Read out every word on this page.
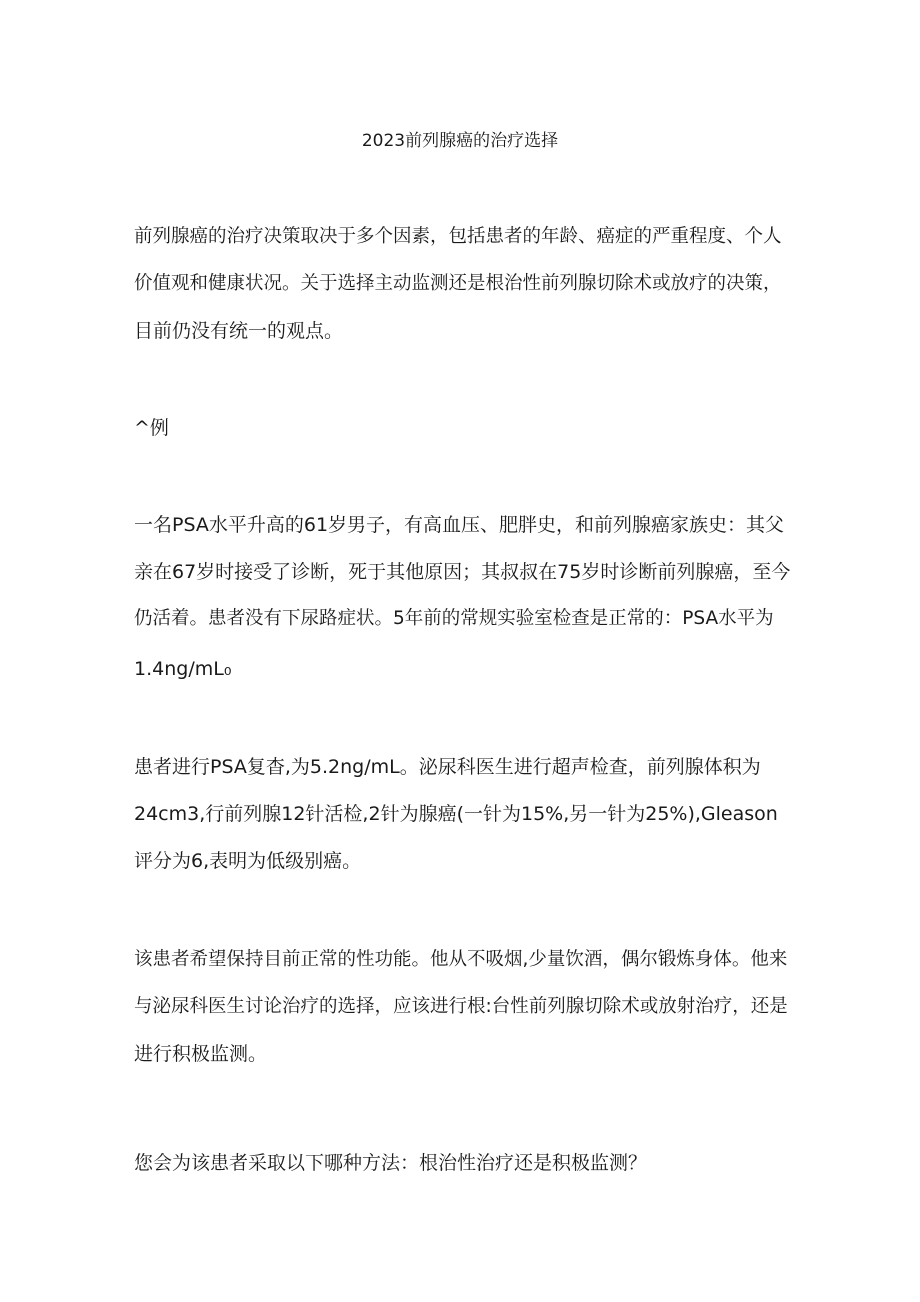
2023前列腺癌的治疗选择
前列腺癌的治疗决策取决于多个因素，包括患者的年龄、癌症的严重程度、个人
价值观和健康状况。关于选择主动监测还是根治性前列腺切除术或放疗的决策，
目前仍没有统一的观点。
^例
一名PSA水平升高的61岁男子，有高血压、肥胖史，和前列腺癌家族史：其父
亲在67岁时接受了诊断，死于其他原因；其叔叔在75岁时诊断前列腺癌，至今
仍活着。患者没有下尿路症状。5年前的常规实验室检查是正常的：PSA水平为
1.4ng/mL₀
患者进行PSA复杳,为5.2ng/mL。泌尿科医生进行超声检查，前列腺体积为
24cm3,行前列腺12针活检,2针为腺癌(一针为15%,另一针为25%),Gleason
评分为6,表明为低级别癌。
该患者希望保持目前正常的性功能。他从不吸烟,少量饮酒，偶尔锻炼身体。他来
与泌尿科医生讨论治疗的选择，应该进行根:台性前列腺切除术或放射治疗，还是
进行积极监测。
您会为该患者采取以下哪种方法：根治性治疗还是积极监测？
